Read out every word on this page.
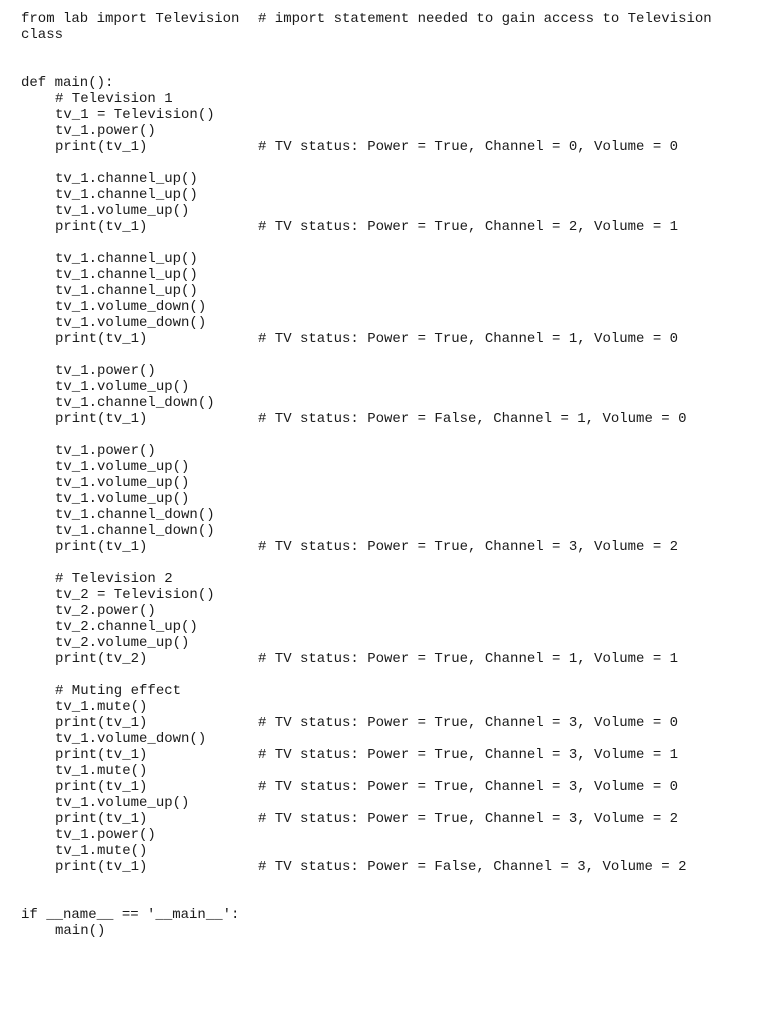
from lab import Television # import statement needed to gain access to Television
class
def main():
# Television 1
tv_1 = Television()
tv_1.power()
print(tv_1)	# TV status: Power = True, Channel = 0, Volume = 0
tv_1.channel_up()
tv_1.channel_up()
tv_1.volume_up()
print(tv_1)	# TV status: Power = True, Channel = 2, Volume = 1
tv_1.channel_up()
tv_1.channel_up()
tv_1.channel_up()
tv_1.volume_down()
tv_1.volume_down()
print(tv_1)	# TV status: Power = True, Channel = 1, Volume = 0
tv_1.power()
tv_1.volume_up()
tv_1.channel_down()
print(tv_1)	# TV status: Power = False, Channel = 1, Volume = 0
tv_1.power()
tv_1.volume_up()
tv_1.volume_up()
tv_1.volume_up()
tv_1.channel_down()
tv_1.channel_down()
print(tv_1)	# TV status: Power = True, Channel = 3, Volume = 2
# Television 2
tv_2 = Television()
tv_2.power()
tv_2.channel_up()
tv_2.volume_up()
print(tv_2)	# TV status: Power = True, Channel = 1, Volume = 1
# Muting effect
tv_1.mute()
print(tv_1)	# TV status: Power = True, Channel = 3, Volume = 0
tv_1.volume_down()
print(tv_1)	# TV status: Power = True, Channel = 3, Volume = 1
tv_1.mute()
print(tv_1)	# TV status: Power = True, Channel = 3, Volume = 0
tv_1.volume_up()
print(tv_1)	# TV status: Power = True, Channel = 3, Volume = 2
tv_1.power()
tv_1.mute()
print(tv_1)	# TV status: Power = False, Channel = 3, Volume = 2
if __name__ == '__main__':
main()
